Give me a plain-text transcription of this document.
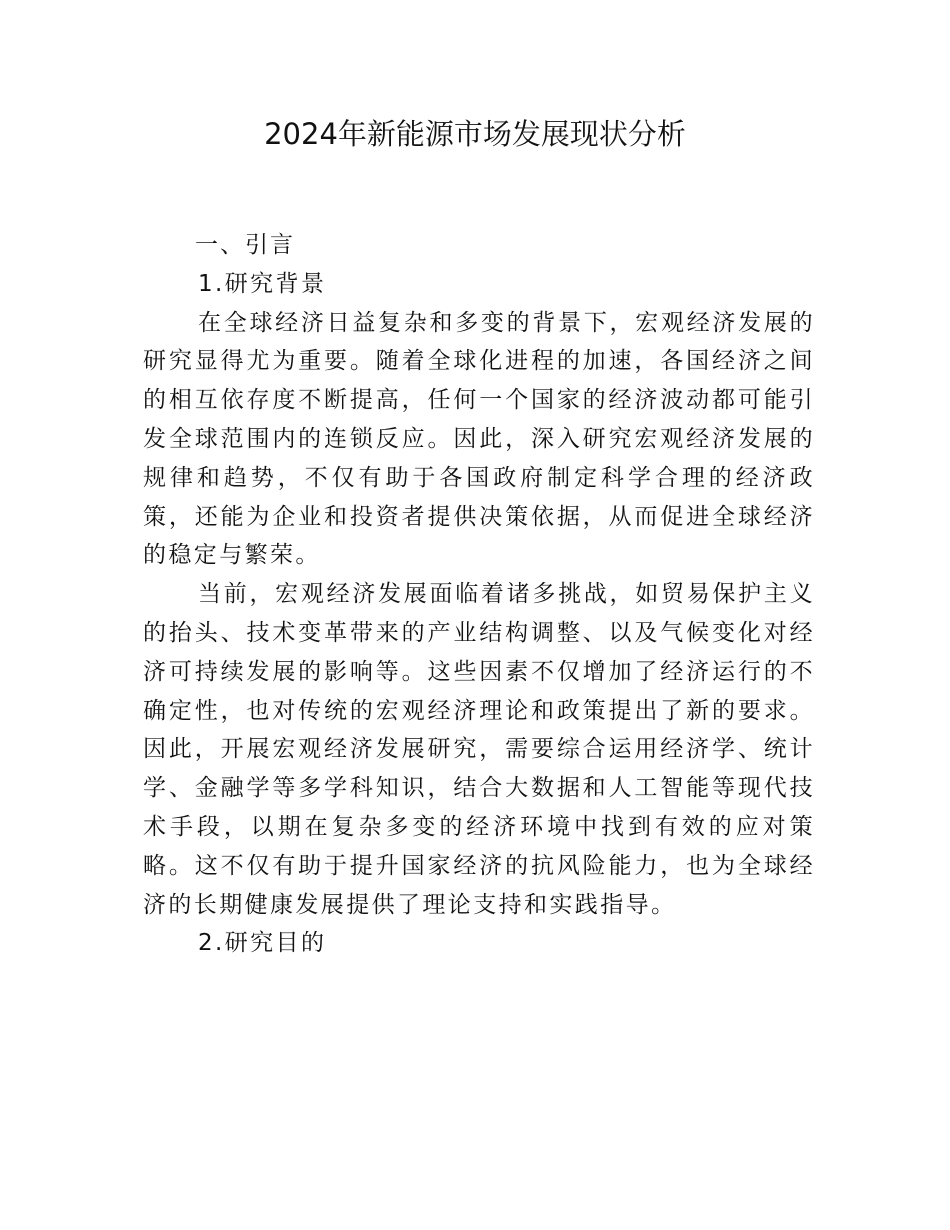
2024年新能源市场发展现状分析

一、引言

1.研究背景

在全球经济日益复杂和多变的背景下，宏观经济发展的研究显得尤为重要。随着全球化进程的加速，各国经济之间的相互依存度不断提高，任何一个国家的经济波动都可能引发全球范围内的连锁反应。因此，深入研究宏观经济发展的规律和趋势，不仅有助于各国政府制定科学合理的经济政策，还能为企业和投资者提供决策依据，从而促进全球经济的稳定与繁荣。

当前，宏观经济发展面临着诸多挑战，如贸易保护主义的抬头、技术变革带来的产业结构调整、以及气候变化对经济可持续发展的影响等。这些因素不仅增加了经济运行的不确定性，也对传统的宏观经济理论和政策提出了新的要求。因此，开展宏观经济发展研究，需要综合运用经济学、统计学、金融学等多学科知识，结合大数据和人工智能等现代技术手段，以期在复杂多变的经济环境中找到有效的应对策略。这不仅有助于提升国家经济的抗风险能力，也为全球经济的长期健康发展提供了理论支持和实践指导。

2.研究目的
